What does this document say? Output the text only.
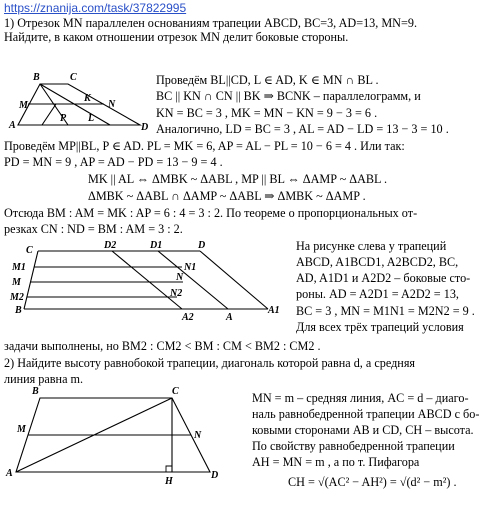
https://znanija.com/task/37822995
1) Отрезок MN параллелен основаниям трапеции ABCD, BC=3, AD=13, MN=9.
Найдите, в каком отношении отрезок MN делит боковые стороны.
Проведём BL||CD, L ∈ AD, K ∈ MN ∩ BL .
BC || KN ∩ CN || BK ⇒ BCNK – параллелограмм, и
KN = BC = 3 , MK = MN − KN = 9 − 3 = 6 .
Аналогично, LD = BC = 3 , AL = AD − LD = 13 − 3 = 10 .
Проведём MP||BL, P ∈ AD. PL = MK = 6, AP = AL − PL = 10 − 6 = 4 . Или так:
PD = MN = 9 , AP = AD − PD = 13 − 9 = 4 .
MK || AL ⇔ ΔMBK ~ ΔABL , MP || BL ⇔ ΔAMP ~ ΔABL .
ΔMBK ~ ΔABL ∩ ΔAMP ~ ΔABL ⇒ ΔMBK ~ ΔAMP .
Отсюда BM : AM = MK : AP = 6 : 4 = 3 : 2. По теореме о пропорциональных от-
резках CN : ND = BM : AM = 3 : 2.
На рисунке слева у трапеций
ABCD, A1BCD1, A2BCD2, BC,
AD, A1D1 и A2D2 – боковые сто-
роны. AD = A2D1 = A2D2 = 13,
BC = 3 , MN = M1N1 = M2N2 = 9 .
Для всех трёх трапеций условия
задачи выполнены, но BM2 : CM2 < BM : CM < BM2 : CM2 .
2) Найдите высоту равнобокой трапеции, диагональ которой равна d, а средняя
линия равна m.
MN = m – средняя линия, AC = d – диаго-
наль равнобедренной трапеции ABCD с бо-
ковыми сторонами AB и CD, CH – высота.
По свойству равнобедренной трапеции
AH = MN = m , а по т. Пифагора
CH = √(AC² − AH²) = √(d² − m²) .
B	C
M
K
N
A
P L
D
C	D2	D1	D
M1	N1
M	N
M2	N2
B
A2	A
A1
B	C
M
N
A
H
D
